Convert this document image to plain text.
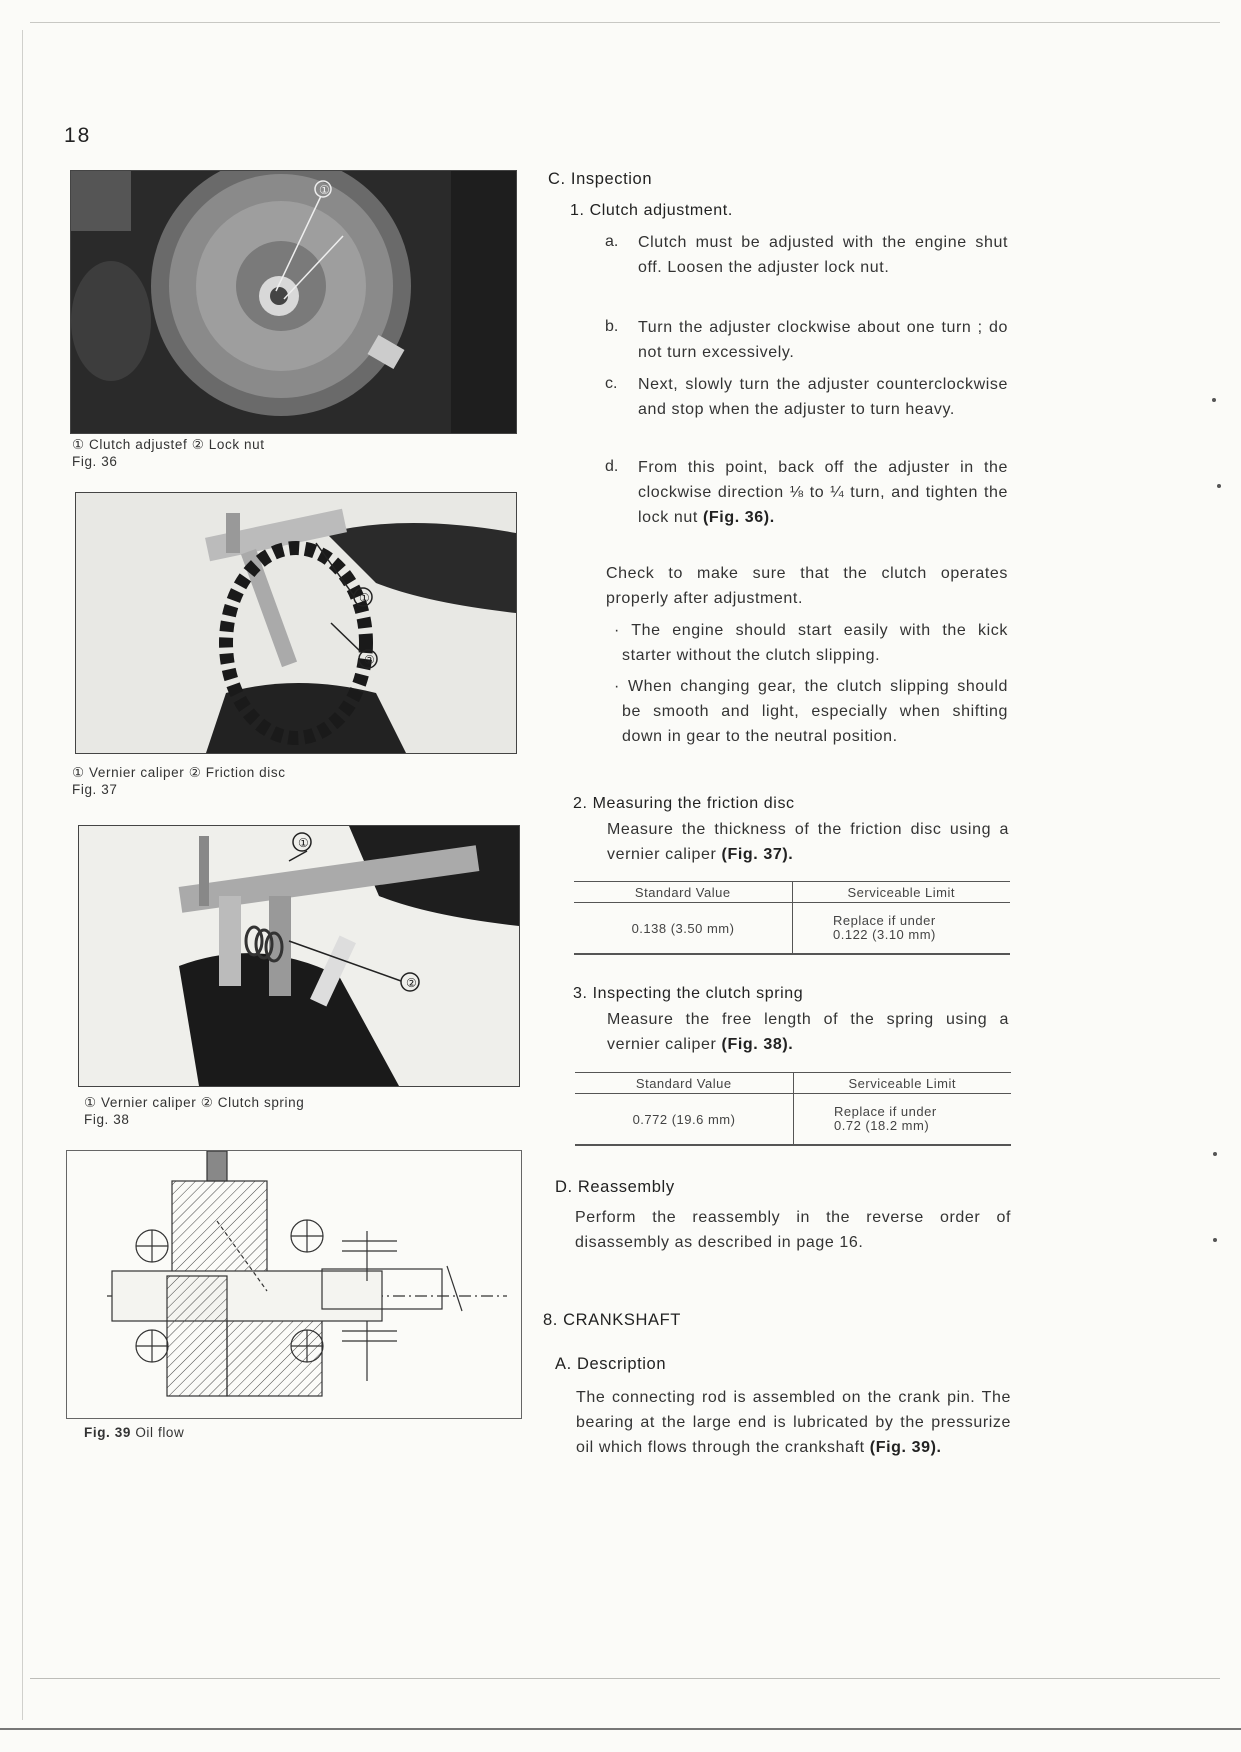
18
①
① Clutch adjustef ② Lock nut
Fig. 36
①
②
① Vernier caliper ② Friction disc
Fig. 37
①
②
① Vernier caliper ② Clutch spring
Fig. 38
Fig. 39 Oil flow
C. Inspection
1. Clutch adjustment.
a. Clutch must be adjusted with the engine shut off. Loosen the adjuster lock nut.
b. Turn the adjuster clockwise about one turn ; do not turn excessively.
c. Next, slowly turn the adjuster counterclockwise and stop when the adjuster to turn heavy.
d. From this point, back off the adjuster in the clockwise direction ⅛ to ¼ turn, and tighten the lock nut (Fig. 36).
Check to make sure that the clutch operates properly after adjustment.
· The engine should start easily with the kick starter without the clutch slipping.
· When changing gear, the clutch slipping should be smooth and light, especially when shifting down in gear to the neutral position.
2. Measuring the friction disc
Measure the thickness of the friction disc using a vernier caliper (Fig. 37).
Standard Value	Serviceable Limit
0.138 (3.50 mm)	Replace if under
0.122 (3.10 mm)
3. Inspecting the clutch spring
Measure the free length of the spring using a vernier caliper (Fig. 38).
Standard Value	Serviceable Limit
0.772 (19.6 mm)	Replace if under
0.72 (18.2 mm)
D. Reassembly
Perform the reassembly in the reverse order of disassembly as described in page 16.
8. CRANKSHAFT
A. Description
The connecting rod is assembled on the crank pin. The bearing at the large end is lubricated by the pressurize oil which flows through the crankshaft (Fig. 39).
